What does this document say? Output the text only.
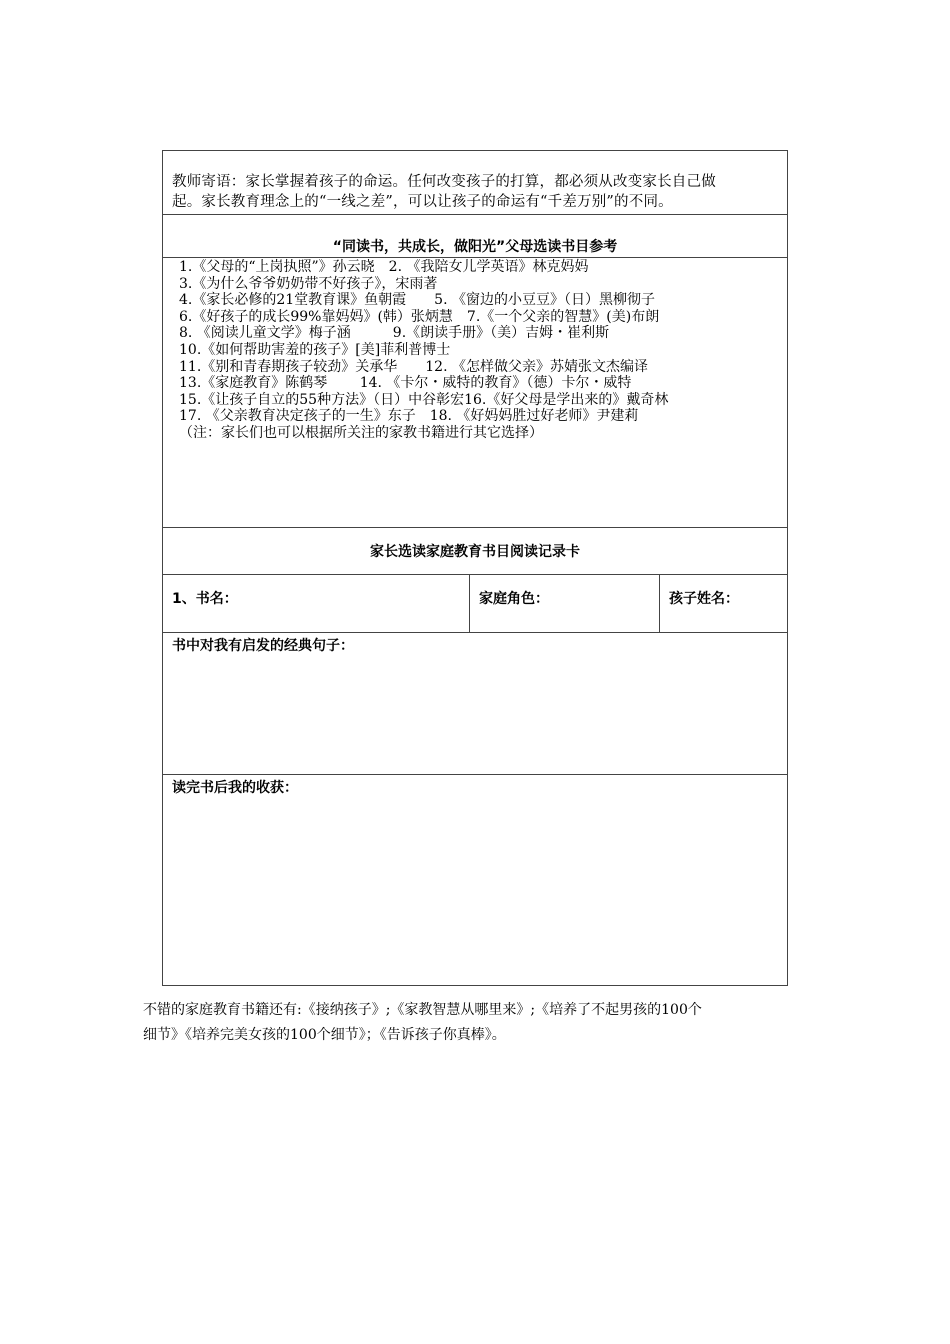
教师寄语：家长掌握着孩子的命运。任何改变孩子的打算，都必须从改变家长自己做
起。家长教育理念上的“一线之差”，可以让孩子的命运有“千差万别”的不同。
“同读书，共成长，做阳光”父母选读书目参考
1.《父母的“上岗执照”》孙云晓　2. 《我陪女儿学英语》林克妈妈
3.《为什么爷爷奶奶带不好孩子》，宋雨著
4.《家长必修的21堂教育课》鱼朝霞　　5. 《窗边的小豆豆》（日）黑柳彻子
6.《好孩子的成长99%靠妈妈》(韩）张炳慧　7.《一个父亲的智慧》(美)布朗
8. 《阅读儿童文学》梅子涵　　　9.《朗读手册》（美）吉姆・崔利斯
10.《如何帮助害羞的孩子》[美]菲利普博士
11.《别和青春期孩子较劲》关承华　　12. 《怎样做父亲》苏婧张文杰编译
13.《家庭教育》陈鹤琴　　 14. 《卡尔・威特的教育》（德）卡尔・威特
15.《让孩子自立的55种方法》（日）中谷彰宏16.《好父母是学出来的》戴奇林
17. 《父亲教育决定孩子的一生》东子　18. 《好妈妈胜过好老师》尹建莉
（注：家长们也可以根据所关注的家教书籍进行其它选择）
家长选读家庭教育书目阅读记录卡
1、书名：	家庭角色：	孩子姓名：
书中对我有启发的经典句子：
读完书后我的收获：
不错的家庭教育书籍还有:《接纳孩子》;《家教智慧从哪里来》;《培养了不起男孩的100个
细节》《培养完美女孩的100个细节》；《告诉孩子你真棒》。
